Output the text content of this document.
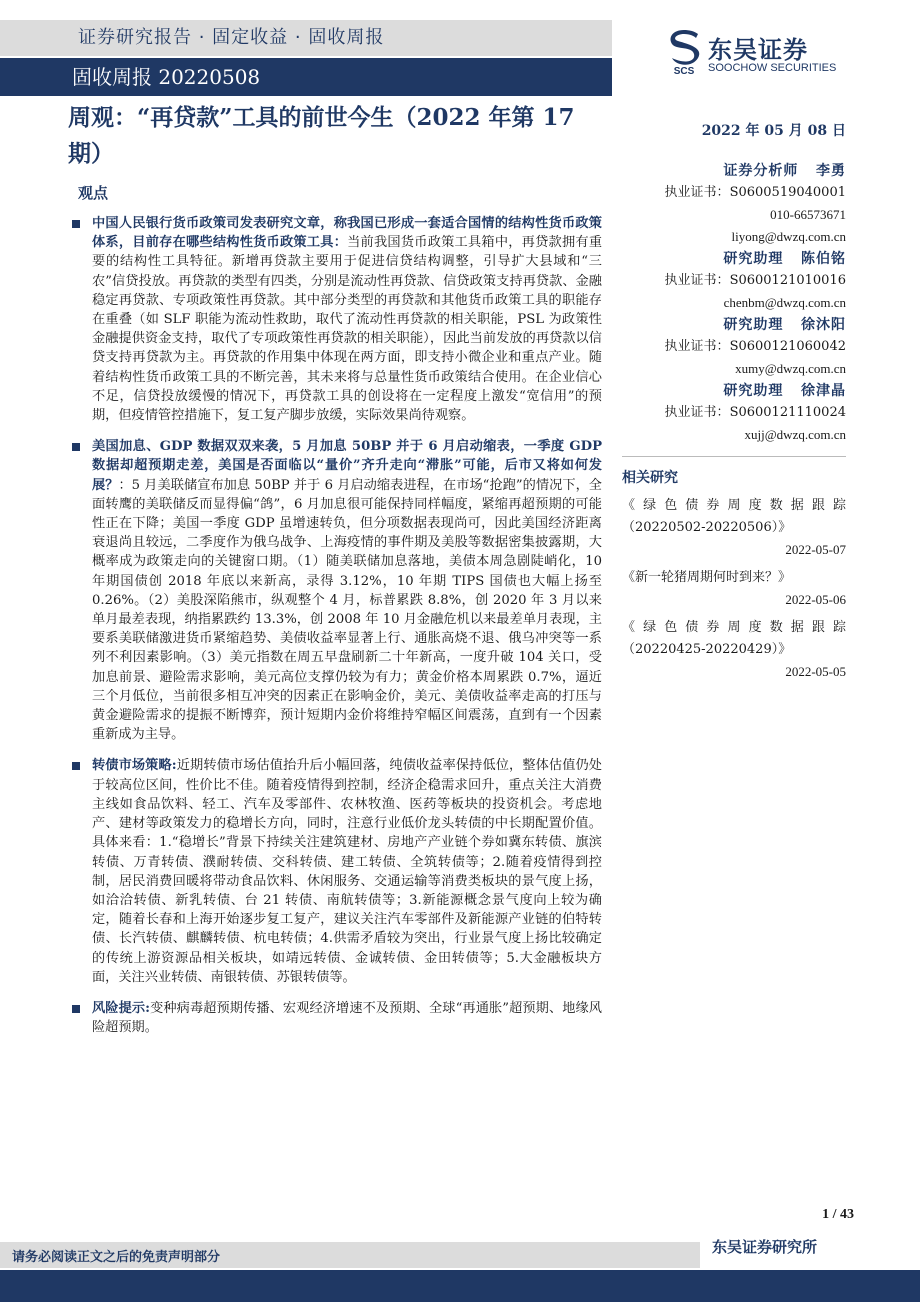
证券研究报告 · 固定收益 · 固收周报
固收周报 20220508	SCS
东吴证券
SOOCHOW SECURITIES
周观：“再贷款”工具的前世今生（2022 年第 17 期）
2022 年 05 月 08 日
观点
中国人民银行货币政策司发表研究文章，称我国已形成一套适合国情的结构性货币政策体系，目前存在哪些结构性货币政策工具：当前我国货币政策工具箱中，再贷款拥有重要的结构性工具特征。新增再贷款主要用于促进信贷结构调整，引导扩大县域和“三农”信贷投放。再贷款的类型有四类，分别是流动性再贷款、信贷政策支持再贷款、金融稳定再贷款、专项政策性再贷款。其中部分类型的再贷款和其他货币政策工具的职能存在重叠（如 SLF 职能为流动性救助，取代了流动性再贷款的相关职能，PSL 为政策性金融提供资金支持，取代了专项政策性再贷款的相关职能），因此当前发放的再贷款以信贷支持再贷款为主。再贷款的作用集中体现在两方面，即支持小微企业和重点产业。随着结构性货币政策工具的不断完善，其未来将与总量性货币政策结合使用。在企业信心不足，信贷投放缓慢的情况下，再贷款工具的创设将在一定程度上激发“宽信用”的预期，但疫情管控措施下，复工复产脚步放缓，实际效果尚待观察。
美国加息、GDP 数据双双来袭，5 月加息 50BP 并于 6 月启动缩表，一季度 GDP 数据却超预期走差，美国是否面临以“量价”齐升走向“滞胀”可能，后市又将如何发展？：5 月美联储宣布加息 50BP 并于 6 月启动缩表进程，在市场“抢跑”的情况下，全面转鹰的美联储反而显得偏“鸽”，6 月加息很可能保持同样幅度，紧缩再超预期的可能性正在下降；美国一季度 GDP 虽增速转负，但分项数据表现尚可，因此美国经济距离衰退尚且较远，二季度作为俄乌战争、上海疫情的事件期及美股等数据密集披露期，大概率成为政策走向的关键窗口期。（1）随美联储加息落地，美债本周急剧陡峭化，10 年期国债创 2018 年底以来新高，录得 3.12%，10 年期 TIPS 国债也大幅上扬至 0.26%。（2）美股深陷熊市，纵观整个 4 月，标普累跌 8.8%，创 2020 年 3 月以来单月最差表现，纳指累跌约 13.3%，创 2008 年 10 月金融危机以来最差单月表现，主要系美联储激进货币紧缩趋势、美债收益率显著上行、通胀高烧不退、俄乌冲突等一系列不利因素影响。（3）美元指数在周五早盘刷新二十年新高，一度升破 104 关口，受加息前景、避险需求影响，美元高位支撑仍较为有力；黄金价格本周累跌 0.7%，逼近三个月低位，当前很多相互冲突的因素正在影响金价，美元、美债收益率走高的打压与黄金避险需求的提振不断博弈，预计短期内金价将维持窄幅区间震荡，直到有一个因素重新成为主导。
转债市场策略:近期转债市场估值抬升后小幅回落，纯债收益率保持低位，整体估值仍处于较高位区间，性价比不佳。随着疫情得到控制，经济企稳需求回升，重点关注大消费主线如食品饮料、轻工、汽车及零部件、农林牧渔、医药等板块的投资机会。考虑地产、建材等政策发力的稳增长方向，同时，注意行业低价龙头转债的中长期配置价值。具体来看：1.“稳增长”背景下持续关注建筑建材、房地产产业链个券如冀东转债、旗滨转债、万青转债、濮耐转债、交科转债、建工转债、全筑转债等；2.随着疫情得到控制，居民消费回暖将带动食品饮料、休闲服务、交通运输等消费类板块的景气度上扬，如洽洽转债、新乳转债、台 21 转债、南航转债等；3.新能源概念景气度向上较为确定，随着长春和上海开始逐步复工复产，建议关注汽车零部件及新能源产业链的伯特转债、长汽转债、麒麟转债、杭电转债；4.供需矛盾较为突出，行业景气度上扬比较确定的传统上游资源品相关板块，如靖远转债、金诚转债、金田转债等；5.大金融板块方面，关注兴业转债、南银转债、苏银转债等。
风险提示:变种病毒超预期传播、宏观经济增速不及预期、全球“再通胀”超预期、地缘风险超预期。
证券分析师 李勇
执业证书： S0600519040001
010-66573671
liyong@dwzq.com.cn
研究助理 陈伯铭
执业证书： S0600121010016
chenbm@dwzq.com.cn
研究助理 徐沐阳
执业证书： S0600121060042
xumy@dwzq.com.cn
研究助理 徐津晶
执业证书： S0600121110024
xujj@dwzq.com.cn
相关研究
《绿色债券周度数据跟踪（20220502-20220506）》
2022-05-07
《新一轮猪周期何时到来？》
2022-05-06
《绿色债券周度数据跟踪（20220425-20220429）》
2022-05-05
1 / 43
请务必阅读正文之后的免责声明部分
东吴证券研究所
